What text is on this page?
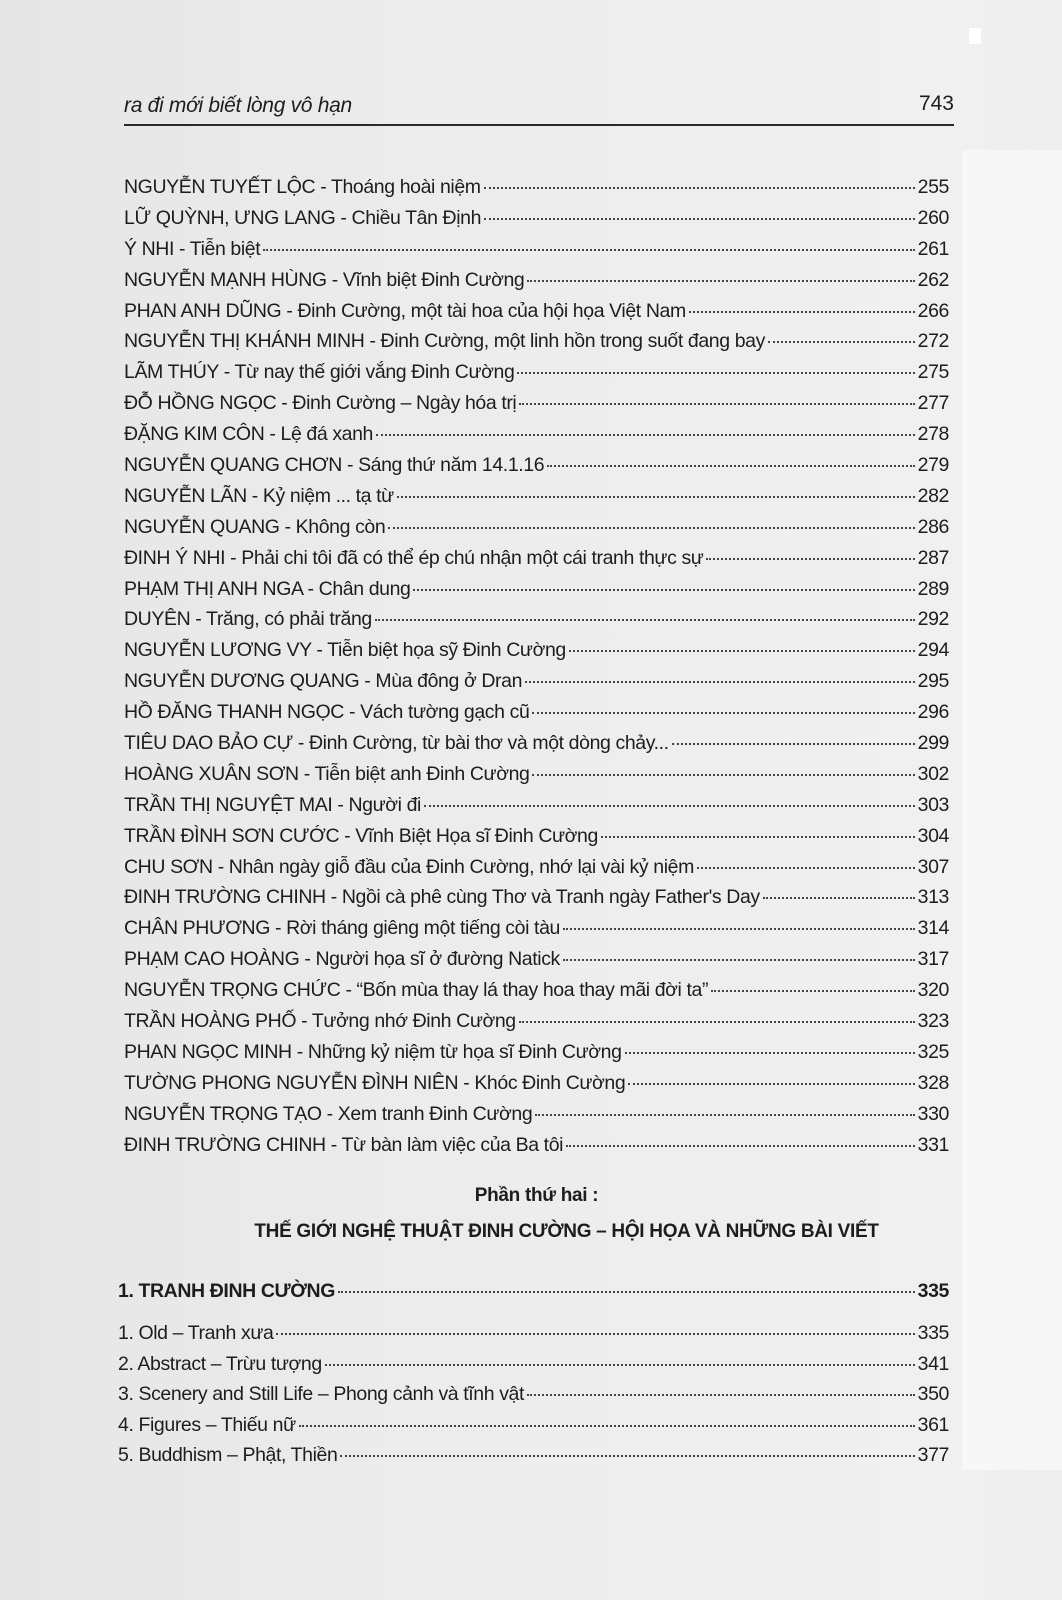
ra đi mới biết lòng vô hạn	743
NGUYỄN TUYẾT LỘC - Thoáng hoài niệm	255
LỮ QUỲNH, ƯNG LANG - Chiều Tân Định	260
Ý NHI - Tiễn biệt	261
NGUYỄN MẠNH HÙNG - Vĩnh biệt Đinh Cường	262
PHAN ANH DŨNG - Đinh Cường, một tài hoa của hội họa Việt Nam	266
NGUYỄN THỊ KHÁNH MINH - Đinh Cường, một linh hồn trong suốt đang bay	272
LÃM THÚY - Từ nay thế giới vắng Đinh Cường	275
ĐỖ HỒNG NGỌC - Đinh Cường – Ngày hóa trị	277
ĐẶNG KIM CÔN - Lệ đá xanh	278
NGUYỄN QUANG CHƠN - Sáng thứ năm 14.1.16	279
NGUYỄN LÃN - Kỷ niệm ... tạ từ	282
NGUYỄN QUANG - Không còn	286
ĐINH Ý NHI - Phải chi tôi đã có thể ép chú nhận một cái tranh thực sự	287
PHẠM THỊ ANH NGA - Chân dung	289
DUYÊN - Trăng, có phải trăng	292
NGUYỄN LƯƠNG VY - Tiễn biệt họa sỹ Đinh Cường	294
NGUYỄN DƯƠNG QUANG - Mùa đông ở Dran	295
HỒ ĐĂNG THANH NGỌC - Vách tường gạch cũ	296
TIÊU DAO BẢO CỰ - Đinh Cường, từ bài thơ và một dòng chảy...	299
HOÀNG XUÂN SƠN - Tiễn biệt anh Đinh Cường	302
TRẦN THỊ NGUYỆT MAI - Người đi	303
TRẦN ĐÌNH SƠN CƯỚC - Vĩnh Biệt Họa sĩ Đinh Cường	304
CHU SƠN - Nhân ngày giỗ đầu của Đinh Cường, nhớ lại vài kỷ niệm	307
ĐINH TRƯỜNG CHINH - Ngồi cà phê cùng Thơ và Tranh ngày Father's Day	313
CHÂN PHƯƠNG - Rời tháng giêng một tiếng còi tàu	314
PHẠM CAO HOÀNG - Người họa sĩ ở đường Natick	317
NGUYỄN TRỌNG CHỨC - “Bốn mùa thay lá thay hoa thay mãi đời ta”	320
TRẦN HOÀNG PHỐ - Tưởng nhớ Đinh Cường	323
PHAN NGỌC MINH - Những kỷ niệm từ họa sĩ Đinh Cường	325
TƯỜNG PHONG NGUYỄN ĐÌNH NIÊN - Khóc Đinh Cường	328
NGUYỄN TRỌNG TẠO - Xem tranh Đinh Cường	330
ĐINH TRƯỜNG CHINH - Từ bàn làm việc của Ba tôi	331
Phần thứ hai :
THẾ GIỚI NGHỆ THUẬT ĐINH CƯỜNG – HỘI HỌA VÀ NHỮNG BÀI VIẾT
1. TRANH ĐINH CƯỜNG	335
1. Old – Tranh xưa	335
2. Abstract – Trừu tượng	341
3. Scenery and Still Life – Phong cảnh và tĩnh vật	350
4. Figures – Thiếu nữ	361
5. Buddhism – Phật, Thiền	377
